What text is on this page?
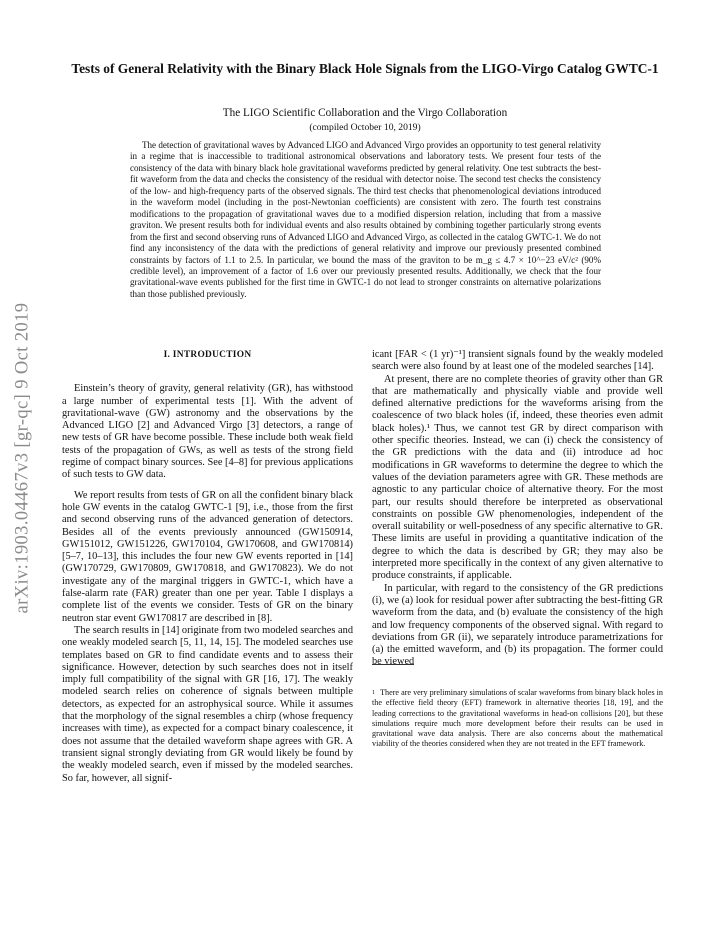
arXiv:1903.04467v3 [gr-qc] 9 Oct 2019
Tests of General Relativity with the Binary Black Hole Signals from the LIGO-Virgo Catalog GWTC-1
The LIGO Scientific Collaboration and the Virgo Collaboration
(compiled October 10, 2019)
The detection of gravitational waves by Advanced LIGO and Advanced Virgo provides an opportunity to test general relativity in a regime that is inaccessible to traditional astronomical observations and laboratory tests. We present four tests of the consistency of the data with binary black hole gravitational waveforms predicted by general relativity. One test subtracts the best-fit waveform from the data and checks the consistency of the residual with detector noise. The second test checks the consistency of the low- and high-frequency parts of the observed signals. The third test checks that phenomenological deviations introduced in the waveform model (including in the post-Newtonian coefficients) are consistent with zero. The fourth test constrains modifications to the propagation of gravitational waves due to a modified dispersion relation, including that from a massive graviton. We present results both for individual events and also results obtained by combining together particularly strong events from the first and second observing runs of Advanced LIGO and Advanced Virgo, as collected in the catalog GWTC-1. We do not find any inconsistency of the data with the predictions of general relativity and improve our previously presented combined constraints by factors of 1.1 to 2.5. In particular, we bound the mass of the graviton to be m_g ≤ 4.7 × 10^−23 eV/c² (90% credible level), an improvement of a factor of 1.6 over our previously presented results. Additionally, we check that the four gravitational-wave events published for the first time in GWTC-1 do not lead to stronger constraints on alternative polarizations than those published previously.

I. INTRODUCTION

Einstein’s theory of gravity, general relativity (GR), has withstood a large number of experimental tests [1]. With the advent of gravitational-wave (GW) astronomy and the observations by the Advanced LIGO [2] and Advanced Virgo [3] detectors, a range of new tests of GR have become possible. These include both weak field tests of the propagation of GWs, as well as tests of the strong field regime of compact binary sources. See [4–8] for previous applications of such tests to GW data.

We report results from tests of GR on all the confident binary black hole GW events in the catalog GWTC-1 [9], i.e., those from the first and second observing runs of the advanced generation of detectors. Besides all of the events previously announced (GW150914, GW151012, GW151226, GW170104, GW170608, and GW170814) [5–7, 10–13], this includes the four new GW events reported in [14] (GW170729, GW170809, GW170818, and GW170823). We do not investigate any of the marginal triggers in GWTC-1, which have a false-alarm rate (FAR) greater than one per year. Table I displays a complete list of the events we consider. Tests of GR on the binary neutron star event GW170817 are described in [8].

The search results in [14] originate from two modeled searches and one weakly modeled search [5, 11, 14, 15]. The modeled searches use templates based on GR to find candidate events and to assess their significance. However, detection by such searches does not in itself imply full compatibility of the signal with GR [16, 17]. The weakly modeled search relies on coherence of signals between multiple detectors, as expected for an astrophysical source. While it assumes that the morphology of the signal resembles a chirp (whose frequency increases with time), as expected for a compact binary coalescence, it does not assume that the detailed waveform shape agrees with GR. A transient signal strongly deviating from GR would likely be found by the weakly modeled search, even if missed by the modeled searches. So far, however, all signif-

icant [FAR < (1 yr)⁻¹] transient signals found by the weakly modeled search were also found by at least one of the modeled searches [14].

At present, there are no complete theories of gravity other than GR that are mathematically and physically viable and provide well defined alternative predictions for the waveforms arising from the coalescence of two black holes (if, indeed, these theories even admit black holes).¹ Thus, we cannot test GR by direct comparison with other specific theories. Instead, we can (i) check the consistency of the GR predictions with the data and (ii) introduce ad hoc modifications in GR waveforms to determine the degree to which the values of the deviation parameters agree with GR. These methods are agnostic to any particular choice of alternative theory. For the most part, our results should therefore be interpreted as observational constraints on possible GW phenomenologies, independent of the overall suitability or well-posedness of any specific alternative to GR. These limits are useful in providing a quantitative indication of the degree to which the data is described by GR; they may also be interpreted more specifically in the context of any given alternative to produce constraints, if applicable.

In particular, with regard to the consistency of the GR predictions (i), we (a) look for residual power after subtracting the best-fitting GR waveform from the data, and (b) evaluate the consistency of the high and low frequency components of the observed signal. With regard to deviations from GR (ii), we separately introduce parametrizations for (a) the emitted waveform, and (b) its propagation. The former could be viewed

$^1$ There are very preliminary simulations of scalar waveforms from binary black holes in the effective field theory (EFT) framework in alternative theories [18, 19], and the leading corrections to the gravitational waveforms in head-on collisions [20], but these simulations require much more development before their results can be used in gravitational wave data analysis. There are also concerns about the mathematical viability of the theories considered when they are not treated in the EFT framework.
